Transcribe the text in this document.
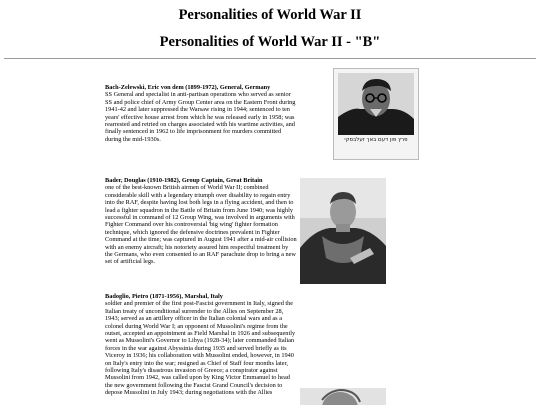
Personalities of World War II
Personalities of World War II - "B"
Bach-Zelewski, Eric von dem (1899-1972), General, Germany
SS General and specialist in anti-partisan operations who served as senior SS and police chief of Army Group Center area on the Eastern Front during 1941-42 and later suppressed the Warsaw rising in 1944; sentenced to ten years' effective house arrest from which he was released early in 1958; was rearrested and retried on charges associated with his wartime activities, and finally sentenced in 1962 to life imprisonment for murders committed during the mid-1930s.	פרץ פון דעם באך זעלבסקי
Bader, Douglas (1910-1982), Group Captain, Great Britain
one of the best-known British airmen of World War II; combined considerable skill with a legendary triumph over disability to regain entry into the RAF, despite having lost both legs in a flying accident, and then to lead a fighter squadron in the Battle of Britain from June 1940; was highly successful in command of 12 Group Wing, was involved in arguments with Fighter Command over his controversial 'big wing' fighter formation technique, which ignored the defensive doctrines prevalent in Fighter Command at the time; was captured in August 1941 after a mid-air collision with an enemy aircraft; his notoriety assured him respectful treatment by the Germans, who even consented to an RAF parachute drop to bring a new set of artificial legs.
Badoglio, Pietro (1871-1956), Marshal, Italy
soldier and premier of the first post-Fascist government in Italy, signed the Italian treaty of unconditional surrender to the Allies on September 28, 1943; served as an artillery officer in the Italian colonial wars and as a colonel during World War I; an opponent of Mussolini's regime from the outset, accepted an appointment as Field Marshal in 1926 and subsequently went as Mussolini's Governor to Libya (1928-34); later commanded Italian forces in the war against Abyssinia during 1935 and served briefly as its Viceroy in 1936; his collaboration with Mussolini ended, however, in 1940 on Italy's entry into the war; resigned as Chief of Staff four months later, following Italy's disastrous invasion of Greece; a conspirator against Mussolini from 1942, was called upon by King Victor Emmanuel to head the new government following the Fascist Grand Council's decision to depose Mussolini in July 1943; during negotiations with the Allies
